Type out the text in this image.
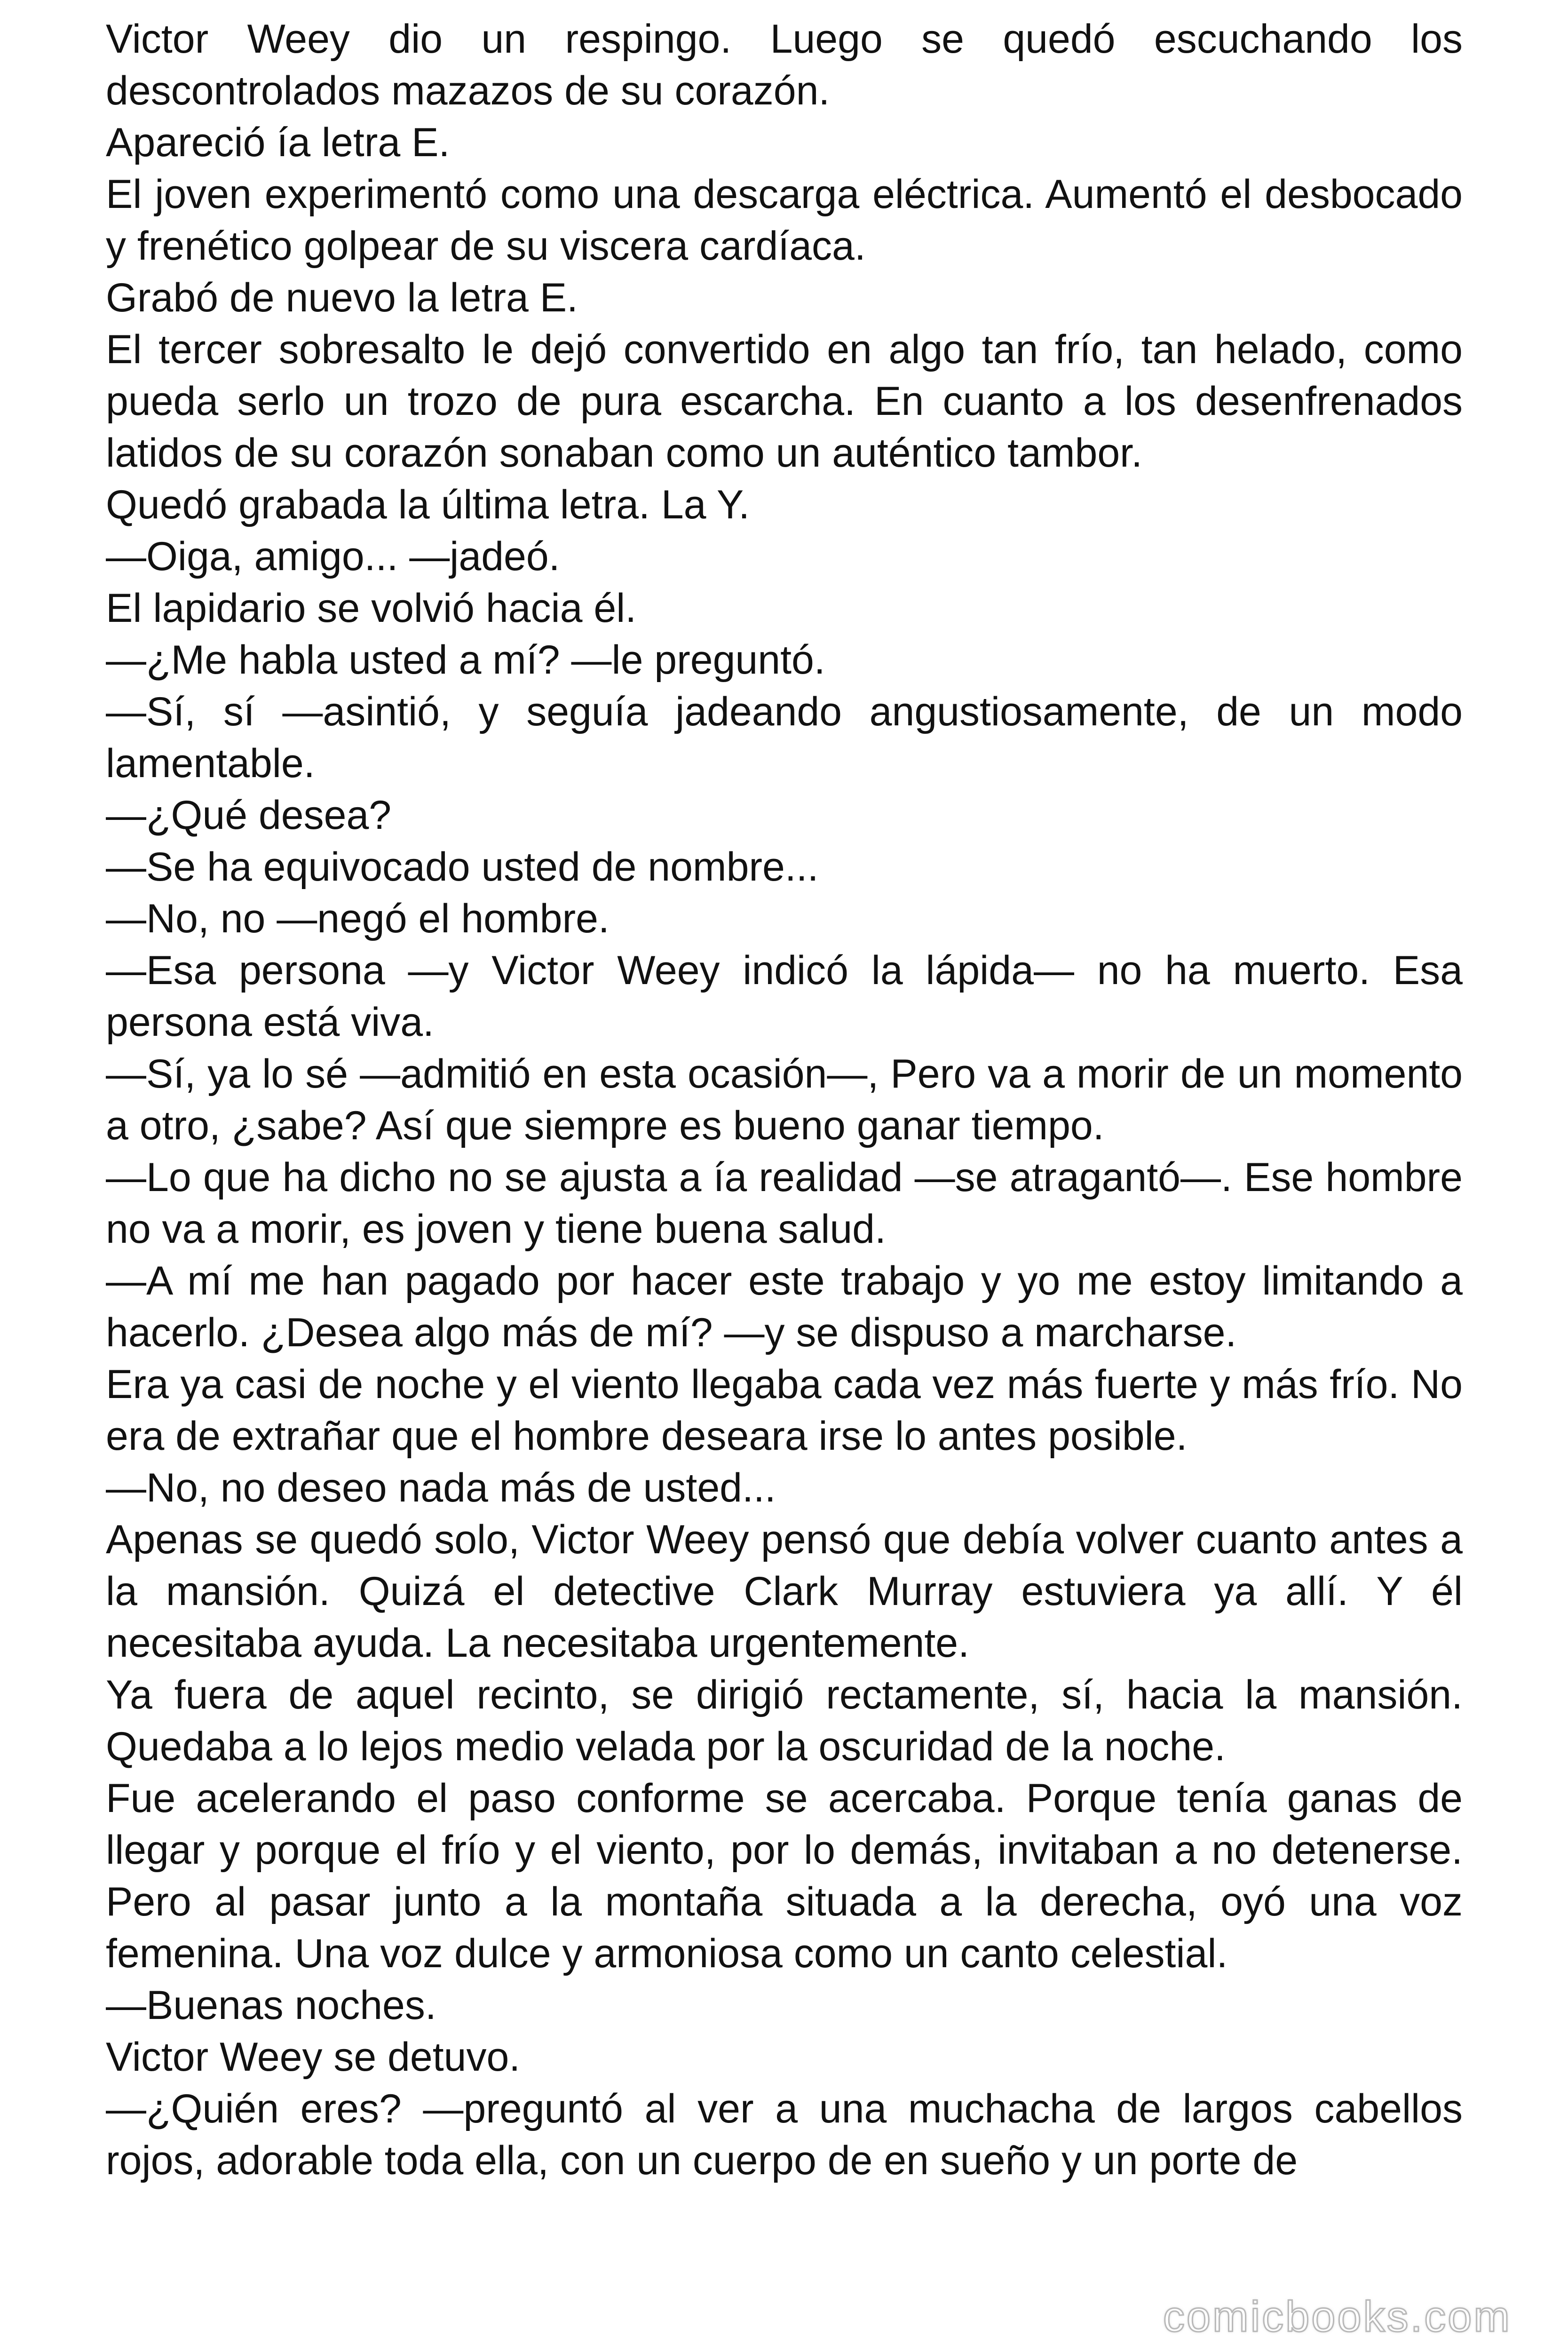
Victor Weey dio un respingo. Luego se quedó escuchando los descontrolados mazazos de su corazón.

Apareció ía letra E.

El joven experimentó como una descarga eléctrica. Aumentó el desbocado y frenético golpear de su viscera cardíaca.

Grabó de nuevo la letra E.

El tercer sobresalto le dejó convertido en algo tan frío, tan helado, como pueda serlo un trozo de pura escarcha. En cuanto a los desenfrenados latidos de su corazón sonaban como un auténtico tambor.

Quedó grabada la última letra. La Y.

—Oiga, amigo... —jadeó.

El lapidario se volvió hacia él.

—¿Me habla usted a mí? —le preguntó.

—Sí, sí —asintió, y seguía jadeando angustiosamente, de un modo lamentable.

—¿Qué desea?

—Se ha equivocado usted de nombre...

—No, no —negó el hombre.

—Esa persona —y Victor Weey indicó la lápida— no ha muerto. Esa persona está viva.

—Sí, ya lo sé —admitió en esta ocasión—, Pero va a morir de un momento a otro, ¿sabe? Así que siempre es bueno ganar tiempo.

—Lo que ha dicho no se ajusta a ía realidad —se atragantó—. Ese hombre no va a morir, es joven y tiene buena salud.

—A mí me han pagado por hacer este trabajo y yo me estoy limitando a hacerlo. ¿Desea algo más de mí? —y se dispuso a marcharse.

Era ya casi de noche y el viento llegaba cada vez más fuerte y más frío. No era de extrañar que el hombre deseara irse lo antes posible.

—No, no deseo nada más de usted...

Apenas se quedó solo, Victor Weey pensó que debía volver cuanto antes a la mansión. Quizá el detective Clark Murray estuviera ya allí. Y él necesitaba ayuda. La necesitaba urgentemente.

Ya fuera de aquel recinto, se dirigió rectamente, sí, hacia la mansión. Quedaba a lo lejos medio velada por la oscuridad de la noche.

Fue acelerando el paso conforme se acercaba. Porque tenía ganas de llegar y porque el frío y el viento, por lo demás, invitaban a no detenerse. Pero al pasar junto a la montaña situada a la derecha, oyó una voz femenina. Una voz dulce y armoniosa como un canto celestial.

—Buenas noches.

Victor Weey se detuvo.

—¿Quién eres? —preguntó al ver a una muchacha de largos cabellos rojos, adorable toda ella, con un cuerpo de en sueño y un porte de

comicbooks.com
